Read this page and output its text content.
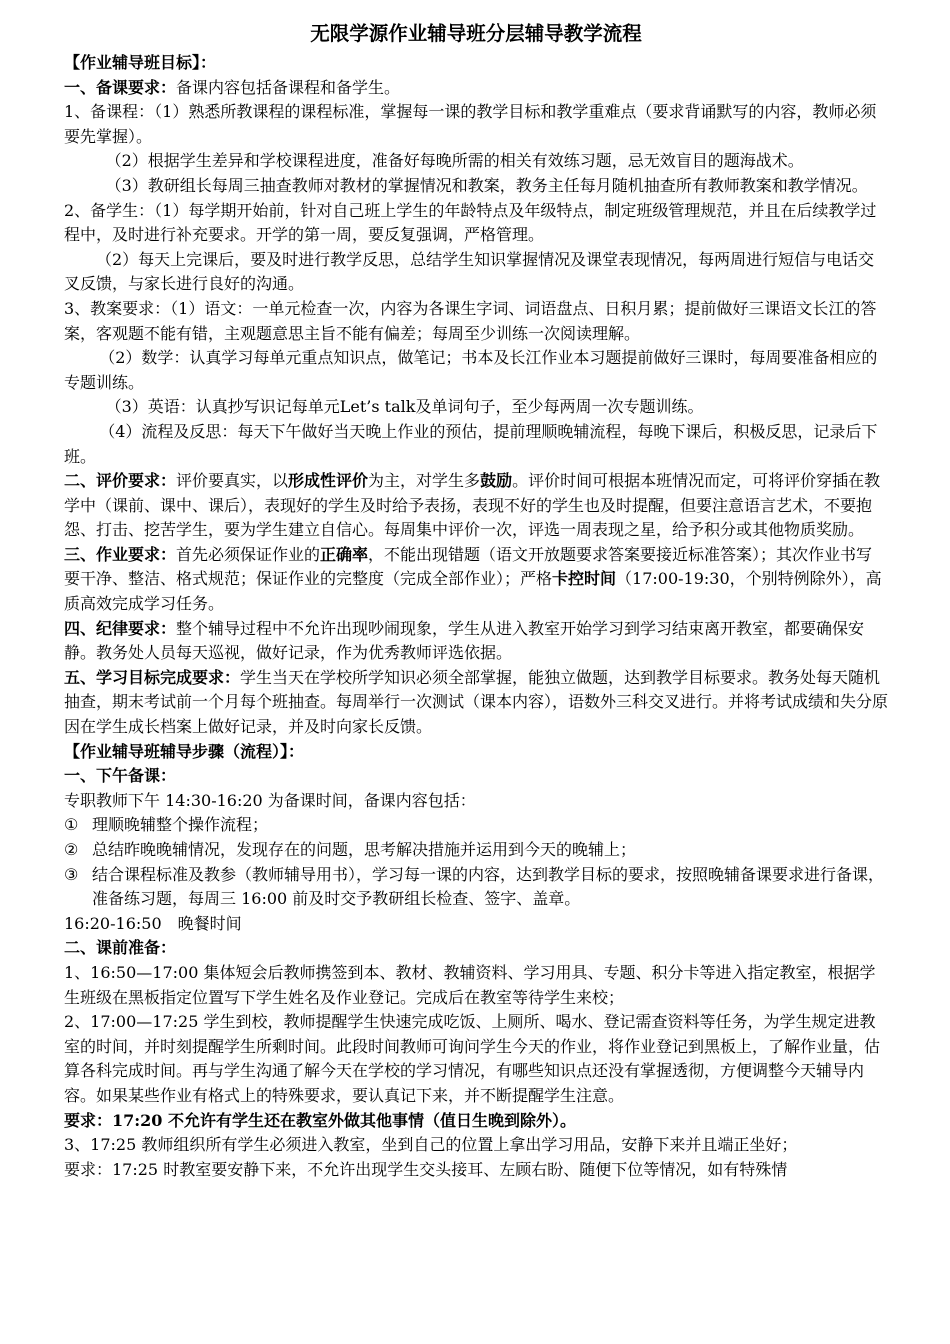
无限学源作业辅导班分层辅导教学流程

【作业辅导班目标】：

一、备课要求：备课内容包括备课程和备学生。

1、备课程：（1）熟悉所教课程的课程标准，掌握每一课的教学目标和教学重难点（要求背诵默写的内容，教师必须要先掌握）。

（2）根据学生差异和学校课程进度，准备好每晚所需的相关有效练习题，忌无效盲目的题海战术。

（3）教研组长每周三抽查教师对教材的掌握情况和教案，教务主任每月随机抽查所有教师教案和教学情况。

2、备学生：（1）每学期开始前，针对自己班上学生的年龄特点及年级特点，制定班级管理规范，并且在后续教学过程中，及时进行补充要求。开学的第一周，要反复强调，严格管理。

（2）每天上完课后，要及时进行教学反思，总结学生知识掌握情况及课堂表现情况，每两周进行短信与电话交叉反馈，与家长进行良好的沟通。

3、教案要求：（1）语文：一单元检查一次，内容为各课生字词、词语盘点、日积月累；提前做好三课语文长江的答案，客观题不能有错，主观题意思主旨不能有偏差；每周至少训练一次阅读理解。

（2）数学：认真学习每单元重点知识点，做笔记；书本及长江作业本习题提前做好三课时，每周要准备相应的专题训练。

（3）英语：认真抄写识记每单元Let’s talk及单词句子，至少每两周一次专题训练。

（4）流程及反思：每天下午做好当天晚上作业的预估，提前理顺晚辅流程，每晚下课后，积极反思，记录后下班。

二、评价要求：评价要真实，以形成性评价为主，对学生多鼓励。评价时间可根据本班情况而定，可将评价穿插在教学中（课前、课中、课后），表现好的学生及时给予表扬，表现不好的学生也及时提醒，但要注意语言艺术，不要抱怨、打击、挖苦学生，要为学生建立自信心。每周集中评价一次，评选一周表现之星，给予积分或其他物质奖励。

三、作业要求：首先必须保证作业的正确率，不能出现错题（语文开放题要求答案要接近标准答案）；其次作业书写要干净、整洁、格式规范；保证作业的完整度（完成全部作业）；严格卡控时间（17:00-19:30，个别特例除外），高质高效完成学习任务。

四、纪律要求：整个辅导过程中不允许出现吵闹现象，学生从进入教室开始学习到学习结束离开教室，都要确保安静。教务处人员每天巡视，做好记录，作为优秀教师评选依据。

五、学习目标完成要求：学生当天在学校所学知识必须全部掌握，能独立做题，达到教学目标要求。教务处每天随机抽查，期末考试前一个月每个班抽查。每周举行一次测试（课本内容），语数外三科交叉进行。并将考试成绩和失分原因在学生成长档案上做好记录，并及时向家长反馈。

【作业辅导班辅导步骤（流程）】：

一、下午备课：

专职教师下午 14:30-16:20 为备课时间，备课内容包括：

① 理顺晚辅整个操作流程；
② 总结昨晚晚辅情况，发现存在的问题，思考解决措施并运用到今天的晚辅上；
③ 结合课程标准及教参（教师辅导用书），学习每一课的内容，达到教学目标的要求，按照晚辅备课要求进行备课，准备练习题，每周三 16:00 前及时交予教研组长检查、签字、盖章。

16:20-16:50　晚餐时间

二、课前准备：

1、16:50—17:00 集体短会后教师携签到本、教材、教辅资料、学习用具、专题、积分卡等进入指定教室，根据学生班级在黑板指定位置写下学生姓名及作业登记。完成后在教室等待学生来校；

2、17:00—17:25 学生到校，教师提醒学生快速完成吃饭、上厕所、喝水、登记需查资料等任务，为学生规定进教室的时间，并时刻提醒学生所剩时间。此段时间教师可询问学生今天的作业，将作业登记到黑板上，了解作业量，估算各科完成时间。再与学生沟通了解今天在学校的学习情况，有哪些知识点还没有掌握透彻，方便调整今天辅导内容。如果某些作业有格式上的特殊要求，要认真记下来，并不断提醒学生注意。

要求：17:20 不允许有学生还在教室外做其他事情（值日生晚到除外）。

3、17:25 教师组织所有学生必须进入教室，坐到自己的位置上拿出学习用品，安静下来并且端正坐好；

要求：17:25 时教室要安静下来，不允许出现学生交头接耳、左顾右盼、随便下位等情况，如有特殊情
